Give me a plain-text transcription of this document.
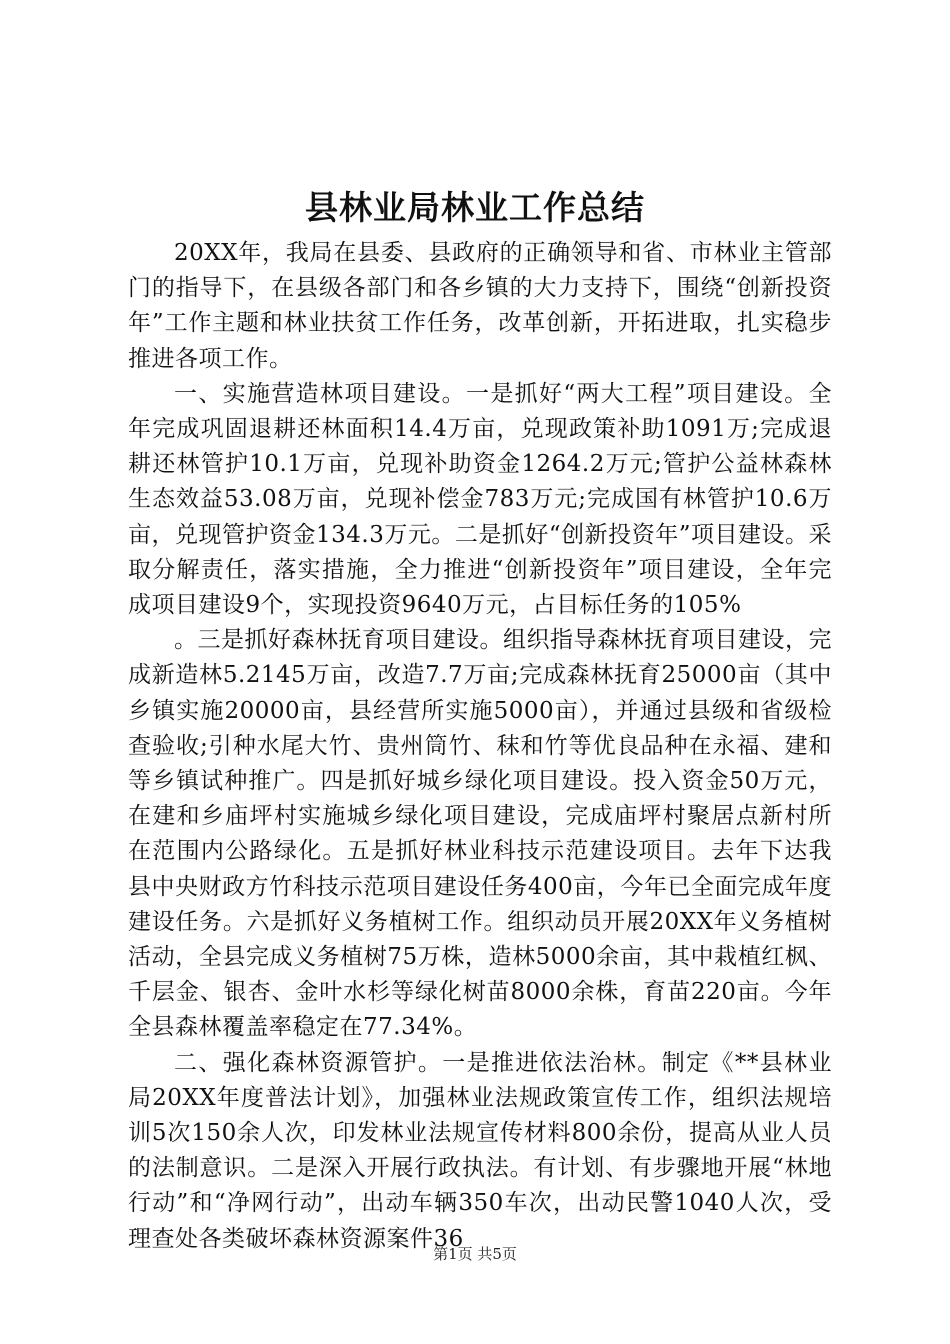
县林业局林业工作总结

20XX年，我局在县委、县政府的正确领导和省、市林业主管部门的指导下，在县级各部门和各乡镇的大力支持下，围绕“创新投资年”工作主题和林业扶贫工作任务，改革创新，开拓进取，扎实稳步推进各项工作。

一、实施营造林项目建设。一是抓好“两大工程”项目建设。全年完成巩固退耕还林面积14.4万亩，兑现政策补助1091万;完成退耕还林管护10.1万亩，兑现补助资金1264.2万元;管护公益林森林生态效益53.08万亩，兑现补偿金783万元;完成国有林管护10.6万亩，兑现管护资金134.3万元。二是抓好“创新投资年”项目建设。采取分解责任，落实措施，全力推进“创新投资年”项目建设，全年完成项目建设9个，实现投资9640万元，占目标任务的105%

。三是抓好森林抚育项目建设。组织指导森林抚育项目建设，完成新造林5.2145万亩，改造7.7万亩;完成森林抚育25000亩（其中乡镇实施20000亩，县经营所实施5000亩），并通过县级和省级检查验收;引种水尾大竹、贵州筒竹、秣和竹等优良品种在永福、建和等乡镇试种推广。四是抓好城乡绿化项目建设。投入资金50万元，在建和乡庙坪村实施城乡绿化项目建设，完成庙坪村聚居点新村所在范围内公路绿化。五是抓好林业科技示范建设项目。去年下达我县中央财政方竹科技示范项目建设任务400亩，今年已全面完成年度建设任务。六是抓好义务植树工作。组织动员开展20XX年义务植树活动，全县完成义务植树75万株，造林5000余亩，其中栽植红枫、千层金、银杏、金叶水杉等绿化树苗8000余株，育苗220亩。今年全县森林覆盖率稳定在77.34%。

二、强化森林资源管护。一是推进依法治林。制定《**县林业局20XX年度普法计划》，加强林业法规政策宣传工作，组织法规培训5次150余人次，印发林业法规宣传材料800余份，提高从业人员的法制意识。二是深入开展行政执法。有计划、有步骤地开展“林地行动”和“净网行动”，出动车辆350车次，出动民警1040人次，受理查处各类破坏森林资源案件36

第1页 共5页
